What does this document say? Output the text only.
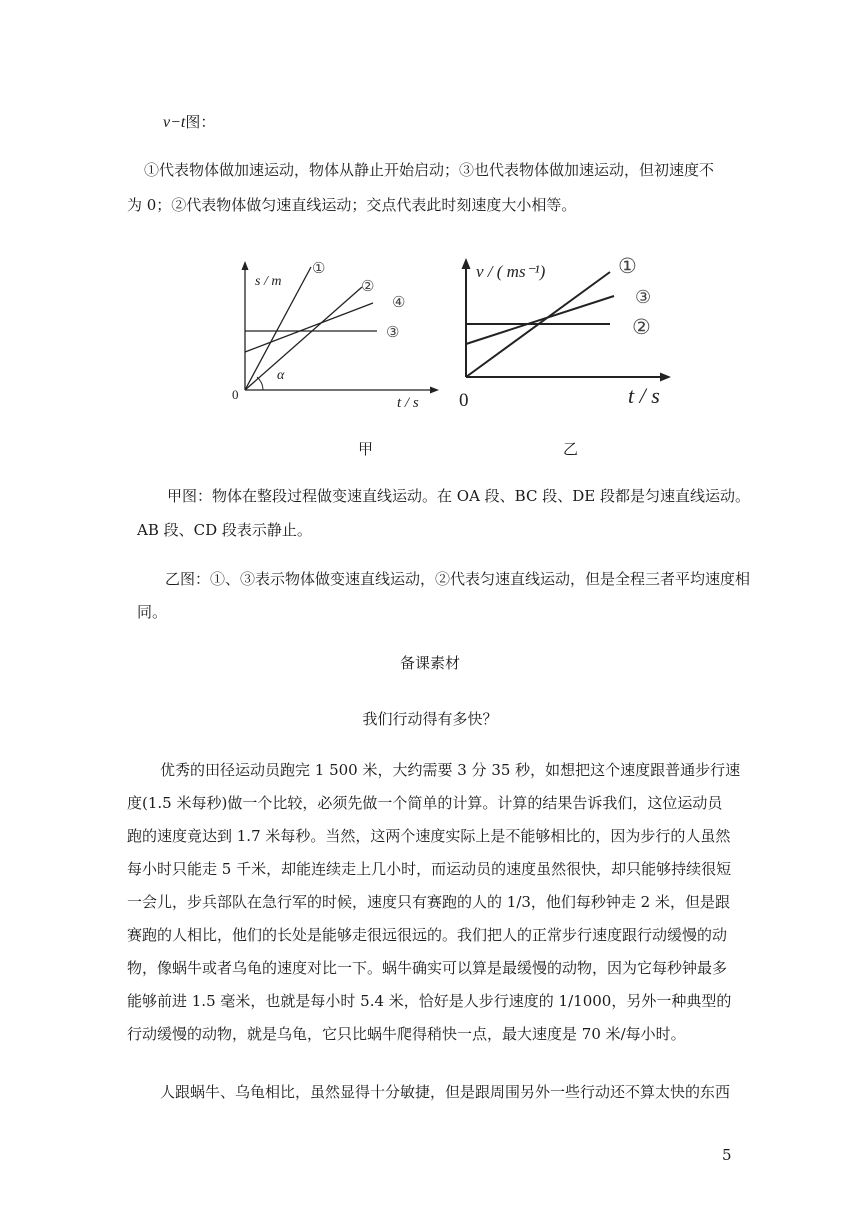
v−t图：
①代表物体做加速运动，物体从静止开始启动；③也代表物体做加速运动，但初速度不
为 0；②代表物体做匀速直线运动；交点代表此时刻速度大小相等。
s / m
t / s
0
α
①
②
④
③
v / ( ms⁻¹)
t / s
0
①
③
②
甲	乙
甲图：物体在整段过程做变速直线运动。在 OA 段、BC 段、DE 段都是匀速直线运动。
AB 段、CD 段表示静止。
乙图：①、③表示物体做变速直线运动，②代表匀速直线运动，但是全程三者平均速度相
同。
备课素材
我们行动得有多快？
优秀的田径运动员跑完 1 500 米，大约需要 3 分 35 秒，如想把这个速度跟普通步行速
度(1.5 米每秒)做一个比较，必须先做一个简单的计算。计算的结果告诉我们，这位运动员
跑的速度竟达到 1.7 米每秒。当然，这两个速度实际上是不能够相比的，因为步行的人虽然
每小时只能走 5 千米，却能连续走上几小时，而运动员的速度虽然很快，却只能够持续很短
一会儿，步兵部队在急行军的时候，速度只有赛跑的人的 1/3，他们每秒钟走 2 米，但是跟
赛跑的人相比，他们的长处是能够走很远很远的。我们把人的正常步行速度跟行动缓慢的动
物，像蜗牛或者乌龟的速度对比一下。蜗牛确实可以算是最缓慢的动物，因为它每秒钟最多
能够前进 1.5 毫米，也就是每小时 5.4 米，恰好是人步行速度的 1/1000，另外一种典型的
行动缓慢的动物，就是乌龟，它只比蜗牛爬得稍快一点，最大速度是 70 米/每小时。
人跟蜗牛、乌龟相比，虽然显得十分敏捷，但是跟周围另外一些行动还不算太快的东西
5
